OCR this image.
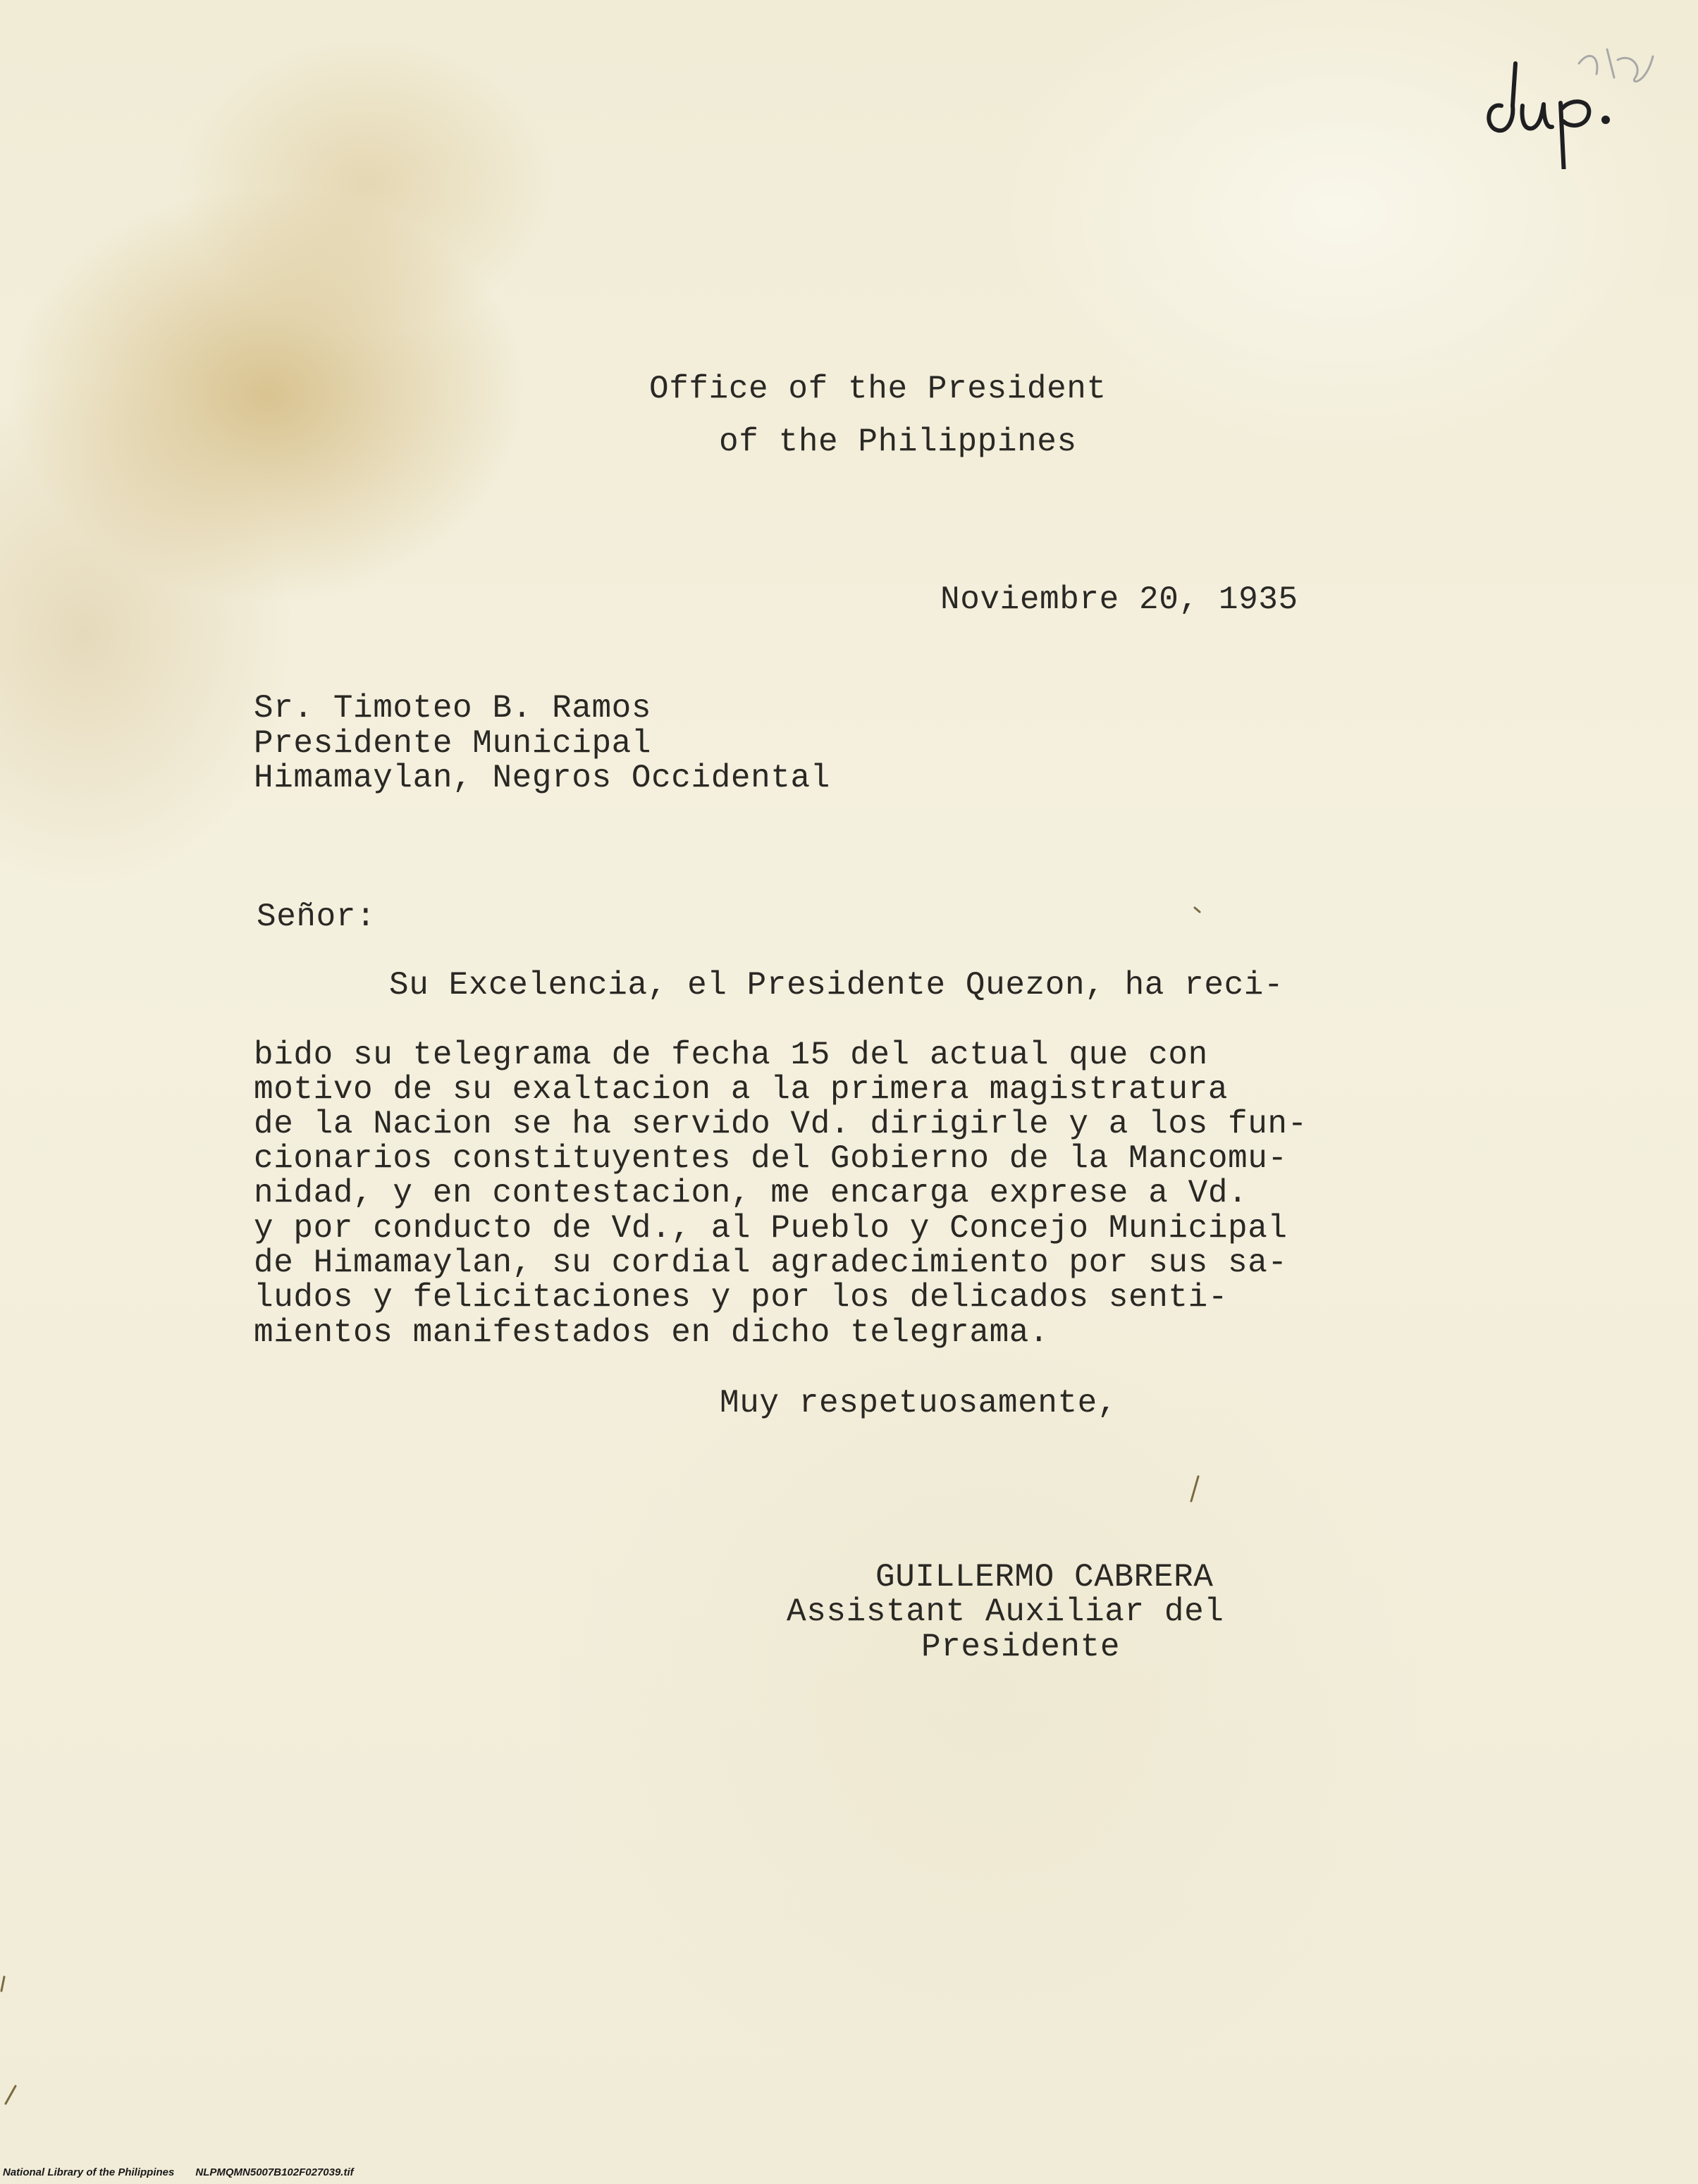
Office of the President
of the Philippines
Noviembre 20, 1935
Sr. Timoteo B. Ramos
Presidente Municipal
Himamaylan, Negros Occidental
Señor:
Su Excelencia, el Presidente Quezon, ha reci-
bido su telegrama de fecha 15 del actual que con
motivo de su exaltacion a la primera magistratura
de la Nacion se ha servido Vd. dirigirle y a los fun-
cionarios constituyentes del Gobierno de la Mancomu-
nidad, y en contestacion, me encarga exprese a Vd.
y por conducto de Vd., al Pueblo y Concejo Municipal
de Himamaylan, su cordial agradecimiento por sus sa-
ludos y felicitaciones y por los delicados senti-
mientos manifestados en dicho telegrama.
Muy respetuosamente,
GUILLERMO CABRERA
Assistant Auxiliar del
Presidente
National Library of the Philippines NLPMQMN5007B102F027039.tif
